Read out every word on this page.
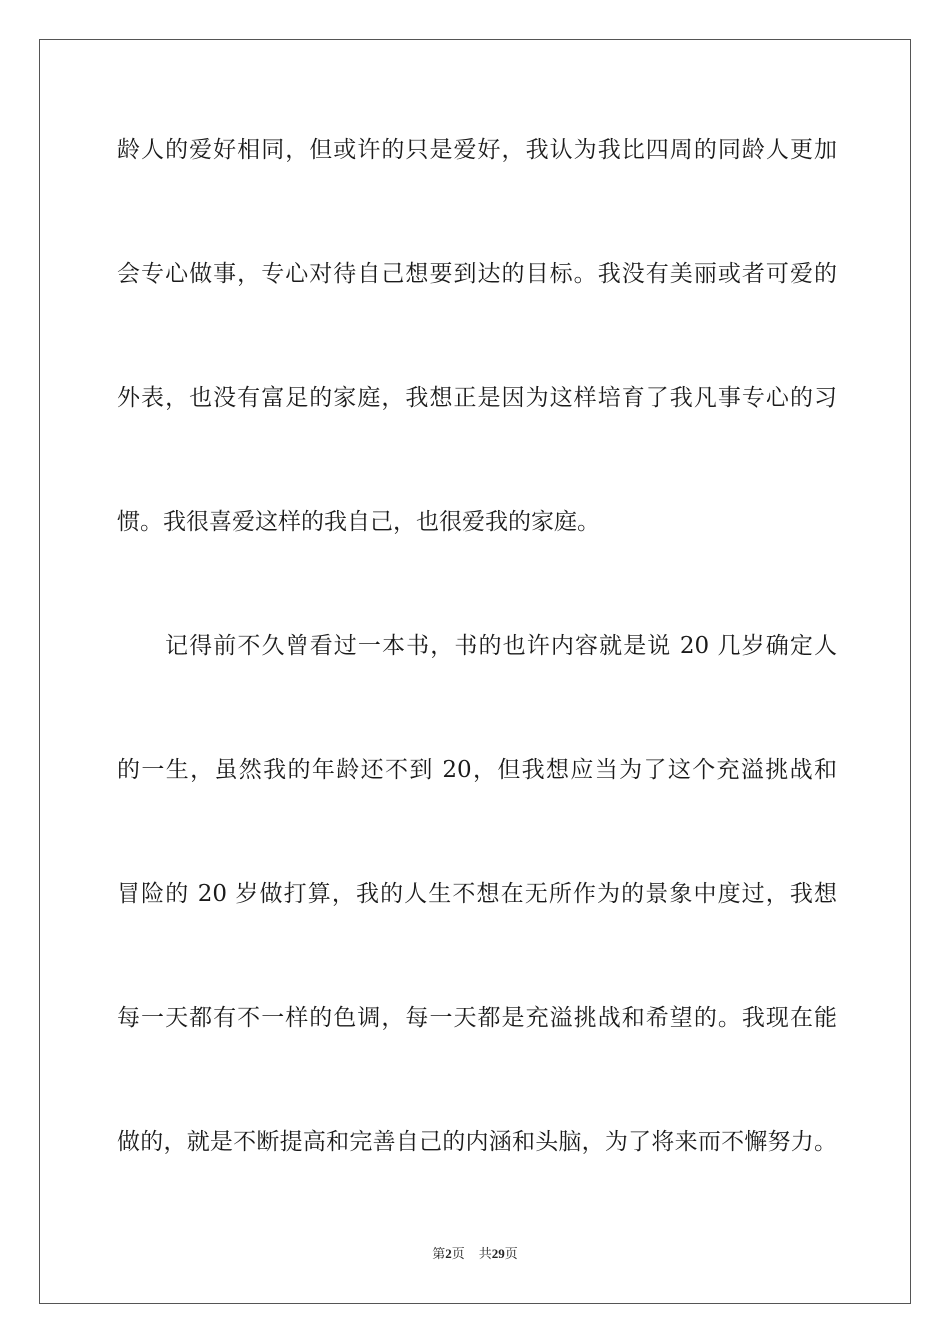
龄人的爱好相同，但或许的只是爱好，我认为我比四周的同龄人更加
会专心做事，专心对待自己想要到达的目标。我没有美丽或者可爱的
外表，也没有富足的家庭，我想正是因为这样培育了我凡事专心的习
惯。我很喜爱这样的我自己，也很爱我的家庭。
记得前不久曾看过一本书，书的也许内容就是说 20 几岁确定人
的一生，虽然我的年龄还不到 20，但我想应当为了这个充溢挑战和
冒险的 20 岁做打算，我的人生不想在无所作为的景象中度过，我想
每一天都有不一样的色调，每一天都是充溢挑战和希望的。我现在能
做的，就是不断提高和完善自己的内涵和头脑，为了将来而不懈努力。
第2页 共29页
